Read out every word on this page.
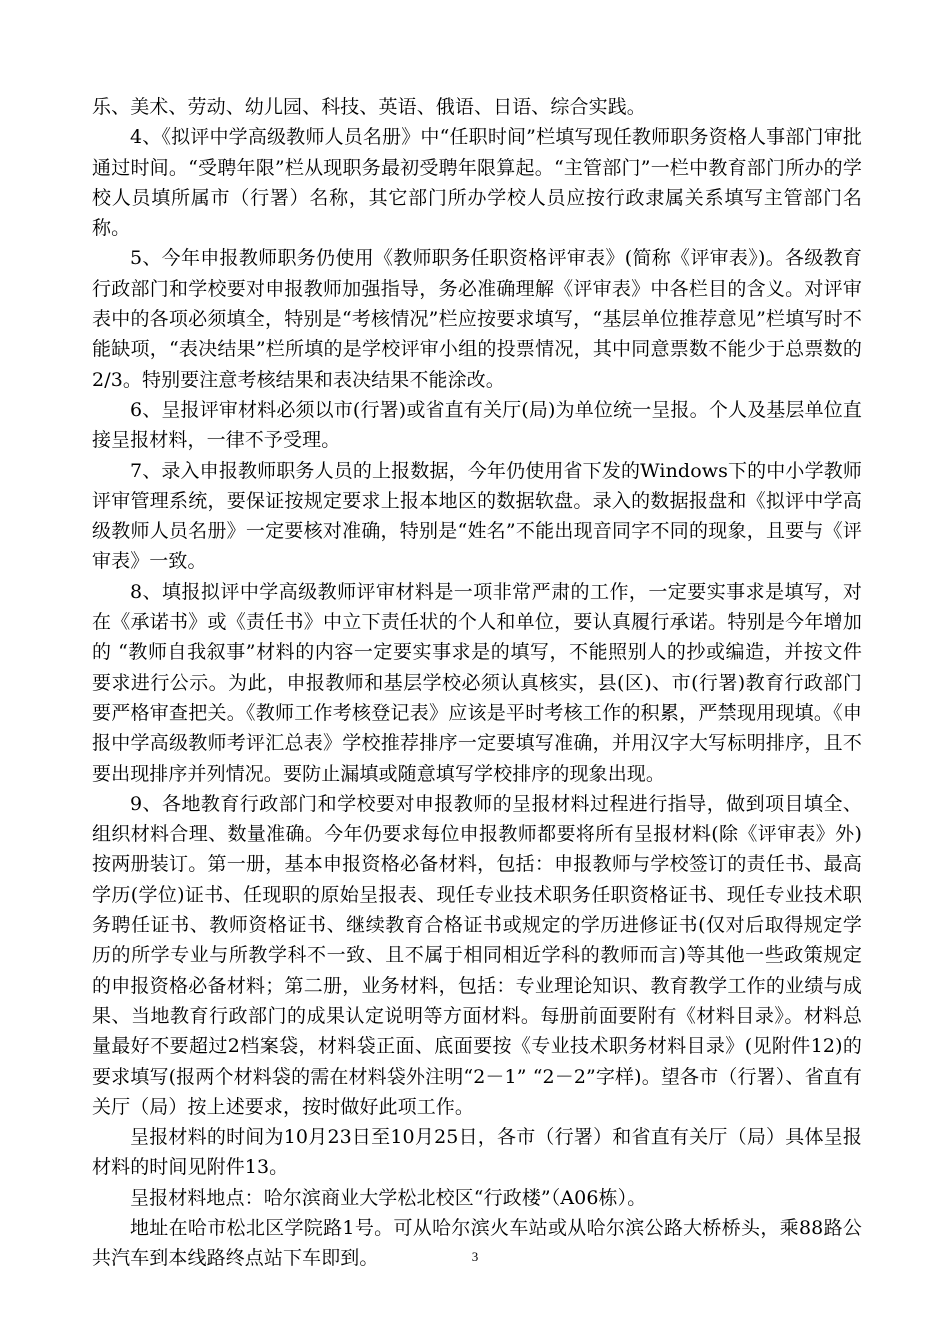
乐、美术、劳动、幼儿园、科技、英语、俄语、日语、综合实践。

4、《拟评中学高级教师人员名册》中“任职时间”栏填写现任教师职务资格人事部门审批通过时间。“受聘年限”栏从现职务最初受聘年限算起。“主管部门”一栏中教育部门所办的学校人员填所属市（行署）名称，其它部门所办学校人员应按行政隶属关系填写主管部门名称。

5、今年申报教师职务仍使用《教师职务任职资格评审表》(简称《评审表》)。各级教育行政部门和学校要对申报教师加强指导，务必准确理解《评审表》中各栏目的含义。对评审表中的各项必须填全，特别是“考核情况”栏应按要求填写，“基层单位推荐意见”栏填写时不能缺项，“表决结果”栏所填的是学校评审小组的投票情况，其中同意票数不能少于总票数的2/3。特别要注意考核结果和表决结果不能涂改。

6、呈报评审材料必须以市(行署)或省直有关厅(局)为单位统一呈报。个人及基层单位直接呈报材料，一律不予受理。

7、录入申报教师职务人员的上报数据，今年仍使用省下发的Windows下的中小学教师评审管理系统，要保证按规定要求上报本地区的数据软盘。录入的数据报盘和《拟评中学高级教师人员名册》一定要核对准确，特别是“姓名”不能出现音同字不同的现象，且要与《评审表》一致。

8、填报拟评中学高级教师评审材料是一项非常严肃的工作，一定要实事求是填写，对在《承诺书》或《责任书》中立下责任状的个人和单位，要认真履行承诺。特别是今年增加的 “教师自我叙事”材料的内容一定要实事求是的填写，不能照别人的抄或编造，并按文件要求进行公示。为此，申报教师和基层学校必须认真核实，县(区)、市(行署)教育行政部门要严格审查把关。《教师工作考核登记表》应该是平时考核工作的积累，严禁现用现填。《申报中学高级教师考评汇总表》学校推荐排序一定要填写准确，并用汉字大写标明排序，且不要出现排序并列情况。要防止漏填或随意填写学校排序的现象出现。

9、各地教育行政部门和学校要对申报教师的呈报材料过程进行指导，做到项目填全、组织材料合理、数量准确。今年仍要求每位申报教师都要将所有呈报材料(除《评审表》外)按两册装订。第一册，基本申报资格必备材料，包括：申报教师与学校签订的责任书、最高学历(学位)证书、任现职的原始呈报表、现任专业技术职务任职资格证书、现任专业技术职务聘任证书、教师资格证书、继续教育合格证书或规定的学历进修证书(仅对后取得规定学历的所学专业与所教学科不一致、且不属于相同相近学科的教师而言)等其他一些政策规定的申报资格必备材料；第二册，业务材料，包括：专业理论知识、教育教学工作的业绩与成果、当地教育行政部门的成果认定说明等方面材料。每册前面要附有《材料目录》。材料总量最好不要超过2档案袋，材料袋正面、底面要按《专业技术职务材料目录》(见附件12)的要求填写(报两个材料袋的需在材料袋外注明“2－1” “2－2”字样)。望各市（行署）、省直有关厅（局）按上述要求，按时做好此项工作。

呈报材料的时间为10月23日至10月25日，各市（行署）和省直有关厅（局）具体呈报材料的时间见附件13。

呈报材料地点：哈尔滨商业大学松北校区“行政楼”（A06栋）。

地址在哈市松北区学院路1号。可从哈尔滨火车站或从哈尔滨公路大桥桥头，乘88路公共汽车到本线路终点站下车即到。	3
